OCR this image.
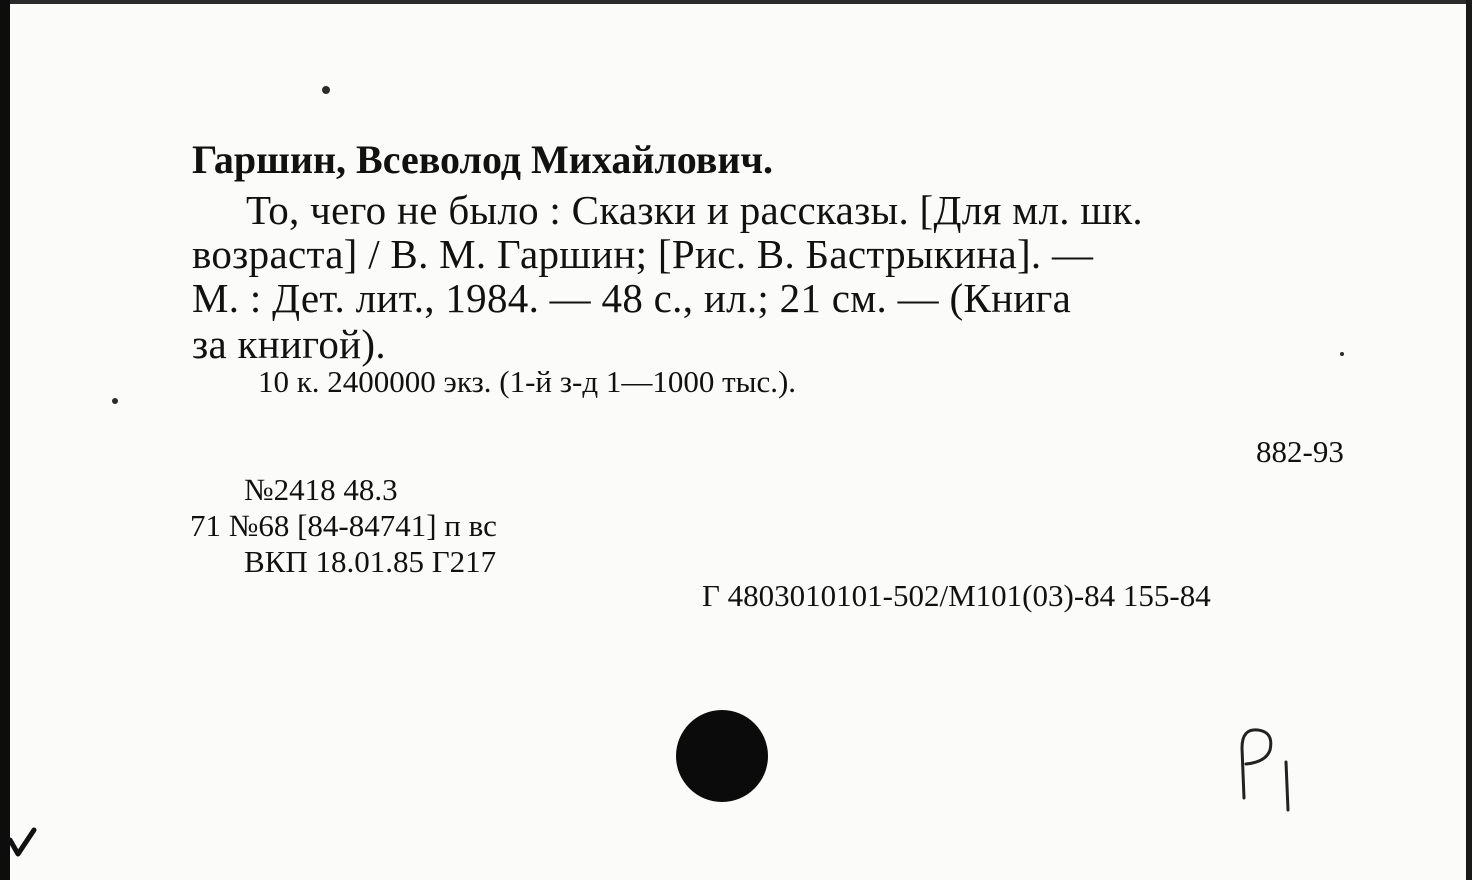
Гаршин, Всеволод Михайлович.

То, чего не было : Сказки и рассказы. [Для мл. шк.

возраста] / В. М. Гаршин; [Рис. В. Бастрыкина]. —

М. : Дет. лит., 1984. — 48 с., ил.; 21 см. — (Книга

за книгой).

10 к. 2400000 экз. (1-й з-д 1—1000 тыс.).

882-93

№2418 48.3

71 №68 [84-84741] п вс

ВКП 18.01.85 Г217

Г 4803010101-502/М101(03)-84 155-84
